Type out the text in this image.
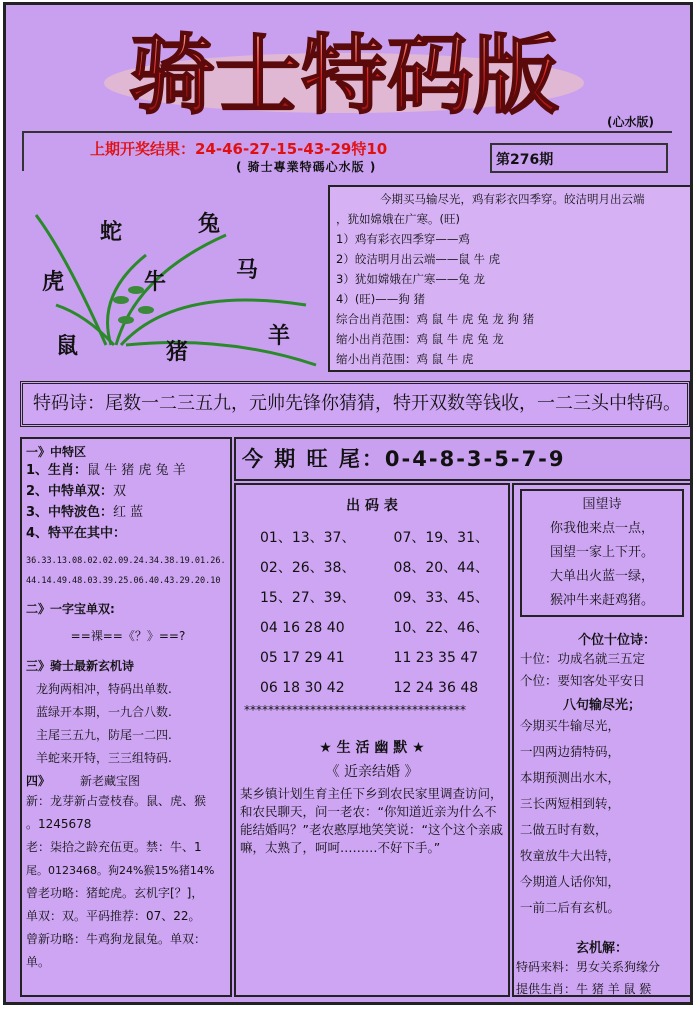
骑士特码版	(心水版)
上期开奖结果：24-46-27-15-43-29特10
( 骑士專業特碼心水版 )	第276期
蛇	兔
虎	牛	马
鼠	猪
羊
今期买马输尽光，鸡有彩衣四季穿。皎洁明月出云端
，犹如嫦娥在广寒。(旺)
1）鸡有彩衣四季穿——鸡
2）皎洁明月出云端——鼠 牛 虎
3）犹如嫦娥在广寒——兔 龙
4）(旺)——狗 猪
综合出肖范围：鸡 鼠 牛 虎 兔 龙 狗 猪
缩小出肖范围：鸡 鼠 牛 虎 兔 龙
缩小出肖范围：鸡 鼠 牛 虎
特码诗：尾数一二三五九，元帅先锋你猜猜，特开双数等钱收，一二三头中特码。
一》中特区
1、生肖：鼠 牛 猪 虎 兔 羊
2、中特单双：双
3、中特波色：红 蓝
4、特平在其中：
36.33.13.08.02.02.09.24.34.38.19.01.26.
44.14.49.48.03.39.25.06.40.43.29.20.10
二》一字宝单双:
==裸==《？》==?
三》骑士最新玄机诗
龙狗两相冲，特码出单数.
蓝绿开本期，一九合八数.
主尾三五九，防尾一二四.
羊蛇来开特，三三组特码.
四》	新老藏宝图
新：龙芽新占壹枝春。鼠、虎、猴
。1245678
老：柒拾之龄充伍更。禁：牛、1
尾。0123468。狗24%猴15%猪14%
曾老功略：猪蛇虎。玄机字[？]，
单双：双。平码推荐：07、22。
曾新功略：牛鸡狗龙鼠兔。单双：
单。
今 期 旺 尾：0-4-8-3-5-7-9
出 码 表
01、13、37、	07、19、31、
02、26、38、	08、20、44、
15、27、39、	09、33、45、
04 16 28 40	10、22、46、
05 17 29 41	11 23 35 47
06 18 30 42	12 24 36 48
*************************************
★ 生 活 幽 默 ★
《 近亲结婚 》
某乡镇计划生育主任下乡到农民家里调查访问，和农民聊天，问一老农：“你知道近亲为什么不能结婚吗？”老农憨厚地笑笑说：“这个这个亲戚嘛，太熟了，呵呵………不好下手。”
国望诗
你我他来点一点，
国望一家上下开。
大单出火蓝一绿，
猴冲牛来赶鸡猪。
个位十位诗：
十位：功成名就三五定
个位：要知客处平安日
八句输尽光；
今期买牛输尽光，
一四两边猜特码，
本期预测出水木，
三长两短相到转，
二做五时有数，
牧童放牛大出特，
今期道人话你知，
一前二后有玄机。
玄机解：
特码来料：男女关系狗缘分
提供生肖：牛 猪 羊 鼠 猴
